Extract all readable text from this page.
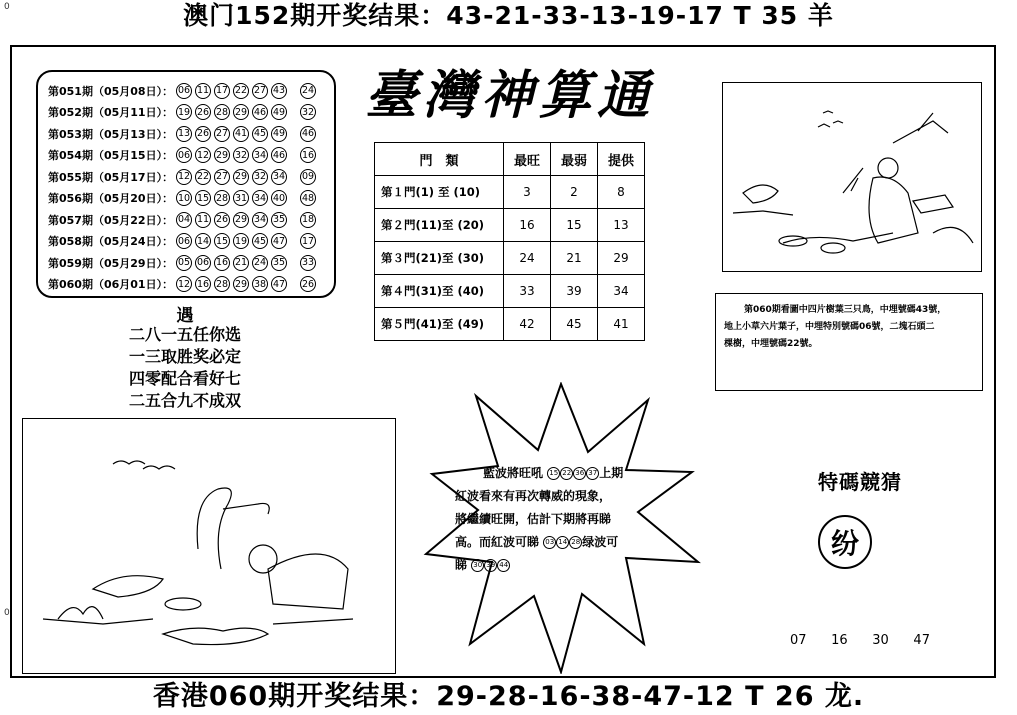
0
0
澳门152期开奖结果：43-21-33-13-19-17 T 35 羊
第051期（05月08日）： 06 11 17 22 27 43 24
第052期（05月11日）： 19 26 28 29 46 49 32
第053期（05月13日）： 13 26 27 41 45 49 46
第054期（05月15日）： 06 12 29 32 34 46 16
第055期（05月17日）： 12 22 27 29 32 34 09
第056期（05月20日）： 10 15 28 31 34 40 48
第057期（05月22日）： 04 11 26 29 34 35 18
第058期（05月24日）： 06 14 15 19 45 47 17
第059期（05月29日）： 05 06 16 21 24 35 33
第060期（06月01日）： 12 16 28 29 38 47 26
遇
二八一五任你选
一三取胜奖必定
四零配合看好七
二五合九不成双
臺灣神算通
門　類	最旺	最弱	提供
第１門(1) 至 (10)	3	2	8
第２門(11)至 (20)	16	15	13
第３門(21)至 (30)	24	21	29
第４門(31)至 (40)	33	39	34
第５門(41)至 (49)	42	45	41
第060期看圖中四片樹葉三只鳥，中埋號碼43號，
地上小草六片葉子，中埋特別號碼06號，二塊石頭二
棵樹，中埋號碼22號。
藍波將旺吼 15 22 36 37 上期
紅波看來有再次轉威的現象，
將繼續旺開，估計下期將再睇
高。而紅波可睇 03 14 28 绿波可
睇 30 39 44
特碼競猜
纷
07 16 30 47
香港060期开奖结果：29-28-16-38-47-12 T 26 龙.
